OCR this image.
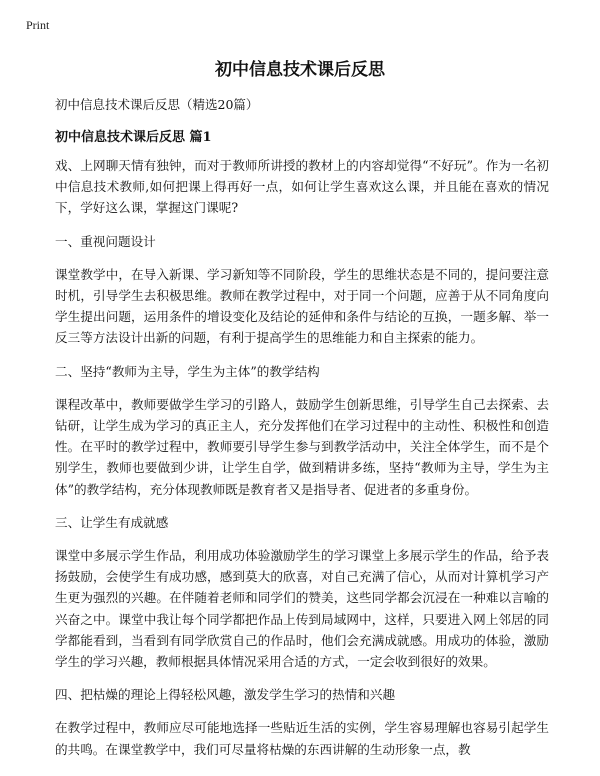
Print
初中信息技术课后反思

初中信息技术课后反思（精选20篇）

初中信息技术课后反思 篇1

戏、上网聊天情有独钟，而对于教师所讲授的教材上的内容却觉得“不好玩”。作为一名初中信息技术教师,如何把课上得再好一点，如何让学生喜欢这么课，并且能在喜欢的情况下，学好这么课，掌握这门课呢?

一、重视问题设计

课堂教学中，在导入新课、学习新知等不同阶段，学生的思维状态是不同的，提问要注意时机，引导学生去积极思维。教师在教学过程中，对于同一个问题，应善于从不同角度向学生提出问题，运用条件的增设变化及结论的延伸和条件与结论的互换，一题多解、举一反三等方法设计出新的问题，有利于提高学生的思维能力和自主探索的能力。

二、坚持“教师为主导，学生为主体”的教学结构

课程改革中，教师要做学生学习的引路人，鼓励学生创新思维，引导学生自己去探索、去钻研，让学生成为学习的真正主人，充分发挥他们在学习过程中的主动性、积极性和创造性。在平时的教学过程中，教师要引导学生参与到教学活动中，关注全体学生，而不是个别学生，教师也要做到少讲，让学生自学，做到精讲多练，坚持“教师为主导，学生为主体”的教学结构，充分体现教师既是教育者又是指导者、促进者的多重身份。

三、让学生有成就感

课堂中多展示学生作品，利用成功体验激励学生的学习课堂上多展示学生的作品，给予表扬鼓励，会使学生有成功感，感到莫大的欣喜，对自己充满了信心，从而对计算机学习产生更为强烈的兴趣。在伴随着老师和同学们的赞美，这些同学都会沉浸在一种难以言喻的兴奋之中。课堂中我让每个同学都把作品上传到局域网中，这样，只要进入网上邻居的同学都能看到，当看到有同学欣赏自己的作品时，他们会充满成就感。用成功的体验，激励学生的学习兴趣，教师根据具体情况采用合适的方式，一定会收到很好的效果。

四、把枯燥的理论上得轻松风趣，激发学生学习的热情和兴趣

在教学过程中，教师应尽可能地选择一些贴近生活的实例，学生容易理解也容易引起学生的共鸣。在课堂教学中，我们可尽量将枯燥的东西讲解的生动形象一点，教
